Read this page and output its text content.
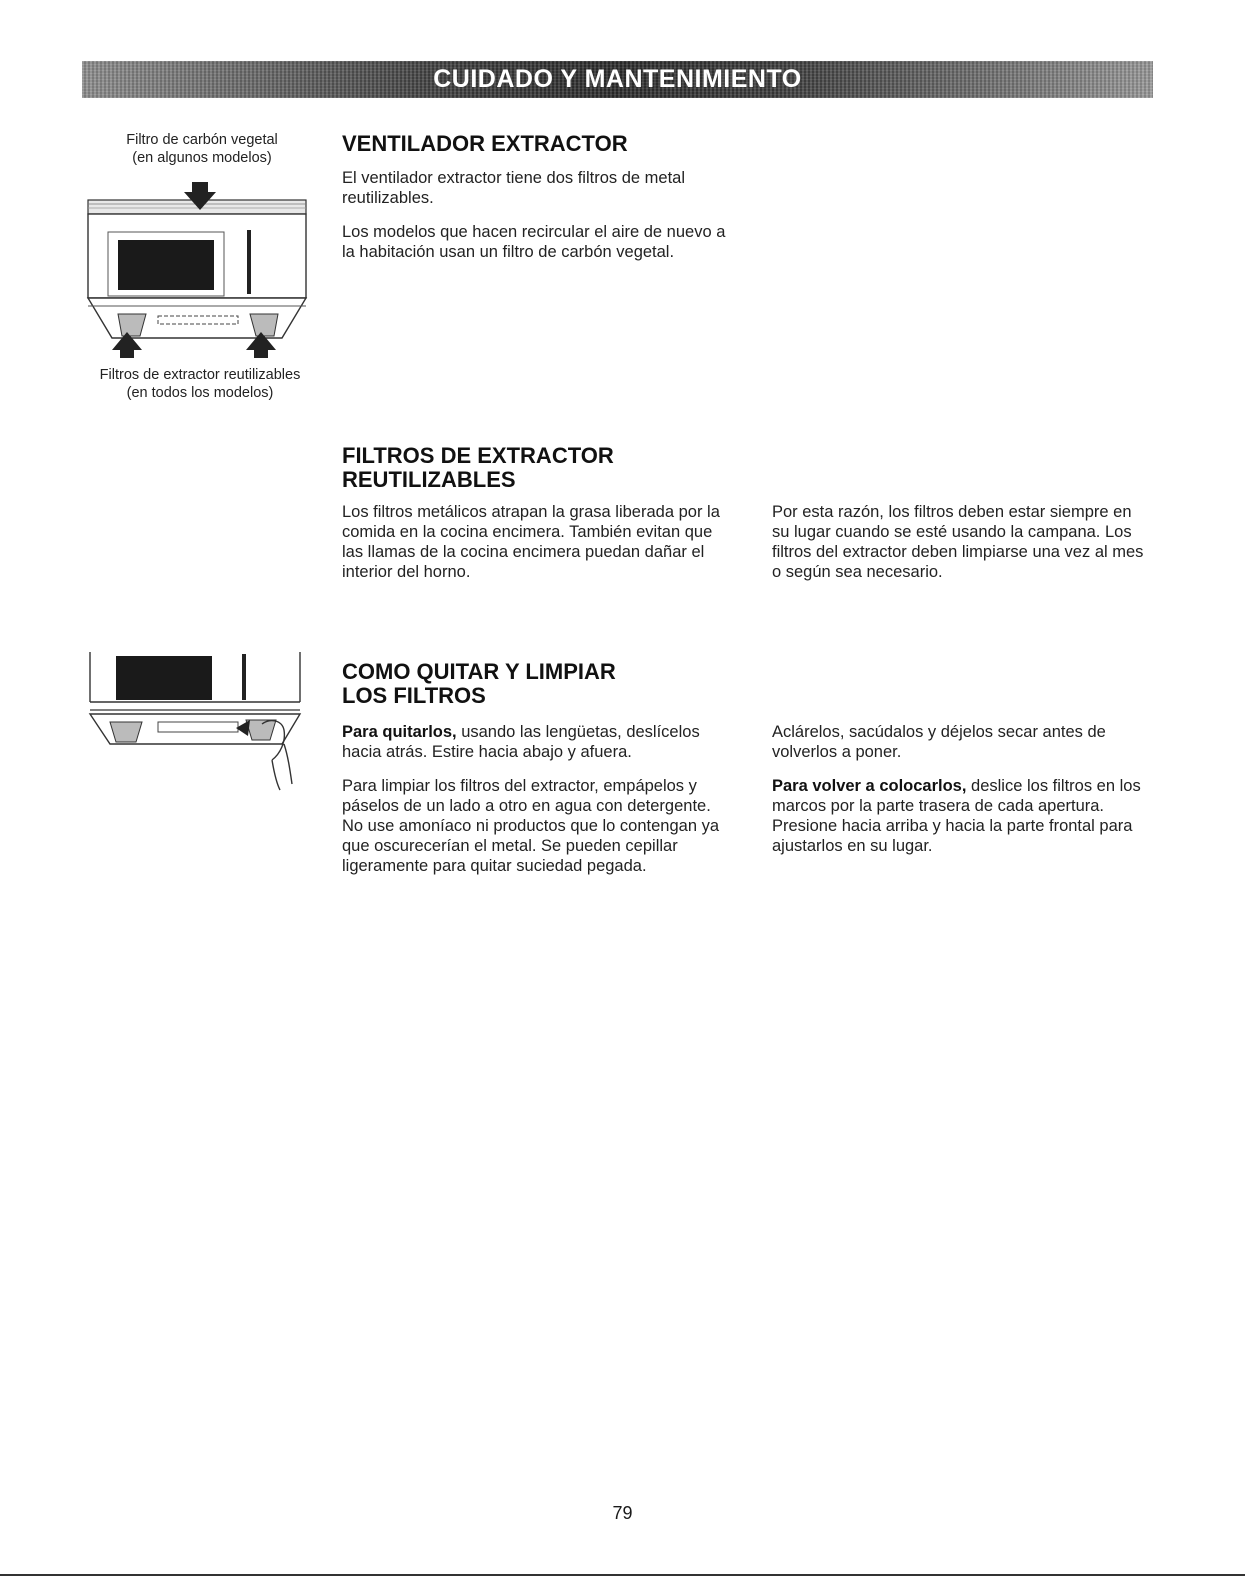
CUIDADO Y MANTENIMIENTO
Filtro de carbón vegetal
(en algunos modelos)
Filtros de extractor reutilizables
(en todos los modelos)
VENTILADOR EXTRACTOR

El ventilador extractor tiene dos filtros de metal reutilizables.

Los modelos que hacen recircular el aire de nuevo a la habitación usan un filtro de carbón vegetal.

FILTROS DE EXTRACTOR
REUTILIZABLES

Los filtros metálicos atrapan la grasa liberada por la comida en la cocina encimera. También evitan que las llamas de la cocina encimera puedan dañar el interior del horno.

Por esta razón, los filtros deben estar siempre en su lugar cuando se esté usando la campana. Los filtros del extractor deben limpiarse una vez al mes o según sea necesario.

COMO QUITAR Y LIMPIAR
LOS FILTROS

Para quitarlos, usando las lengüetas, deslícelos hacia atrás. Estire hacia abajo y afuera.

Para limpiar los filtros del extractor, empápelos y páselos de un lado a otro en agua con detergente. No use amoníaco ni productos que lo contengan ya que oscurecerían el metal. Se pueden cepillar ligeramente para quitar suciedad pegada.

Aclárelos, sacúdalos y déjelos secar antes de volverlos a poner.

Para volver a colocarlos, deslice los filtros en los marcos por la parte trasera de cada apertura. Presione hacia arriba y hacia la parte frontal para ajustarlos en su lugar.

79
